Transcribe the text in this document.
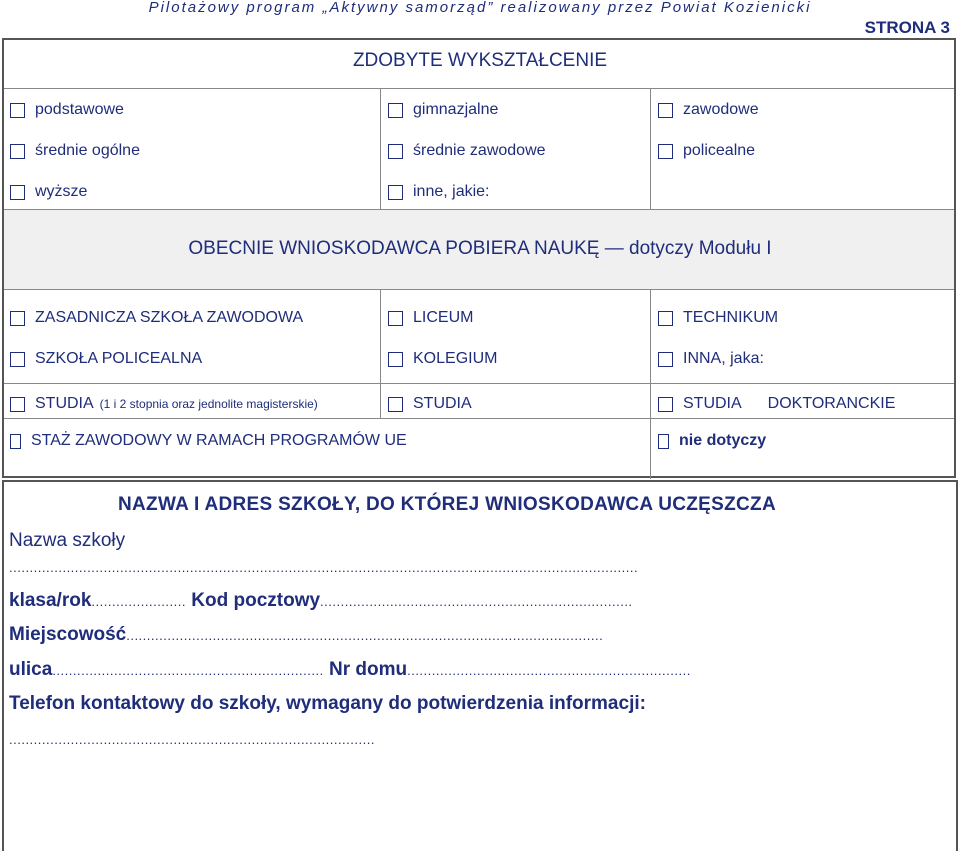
Pilotażowy program „Aktywny samorząd” realizowany przez Powiat Kozienicki
STRONA 3
ZDOBYTE WYKSZTAŁCENIE
podstawowe	gimnazjalne	zawodowe
średnie ogólne	średnie zawodowe	policealne
wyższe	inne, jakie:
OBECNIE WNIOSKODAWCA POBIERA NAUKĘ — dotyczy Modułu I
ZASADNICZA SZKOŁA ZAWODOWA	LICEUM	TECHNIKUM
SZKOŁA POLICEALNA	KOLEGIUM	INNA, jaka:
STUDIA (1 i 2 stopnia oraz jednolite magisterskie)	STUDIA	STUDIA DOKTORANCKIE
STAŻ ZAWODOWY W RAMACH PROGRAMÓW UE	nie dotyczy
NAZWA I ADRES SZKOŁY, DO KTÓREJ WNIOSKODAWCA UCZĘSZCZA
Nazwa szkoły
.........................................................................................................................................................
klasa/rok....................... Kod pocztowy............................................................................
Miejscowość....................................................................................................................
ulica.................................................................. Nr domu.....................................................................
Telefon kontaktowy do szkoły, wymagany do potwierdzenia informacji:
.........................................................................................
